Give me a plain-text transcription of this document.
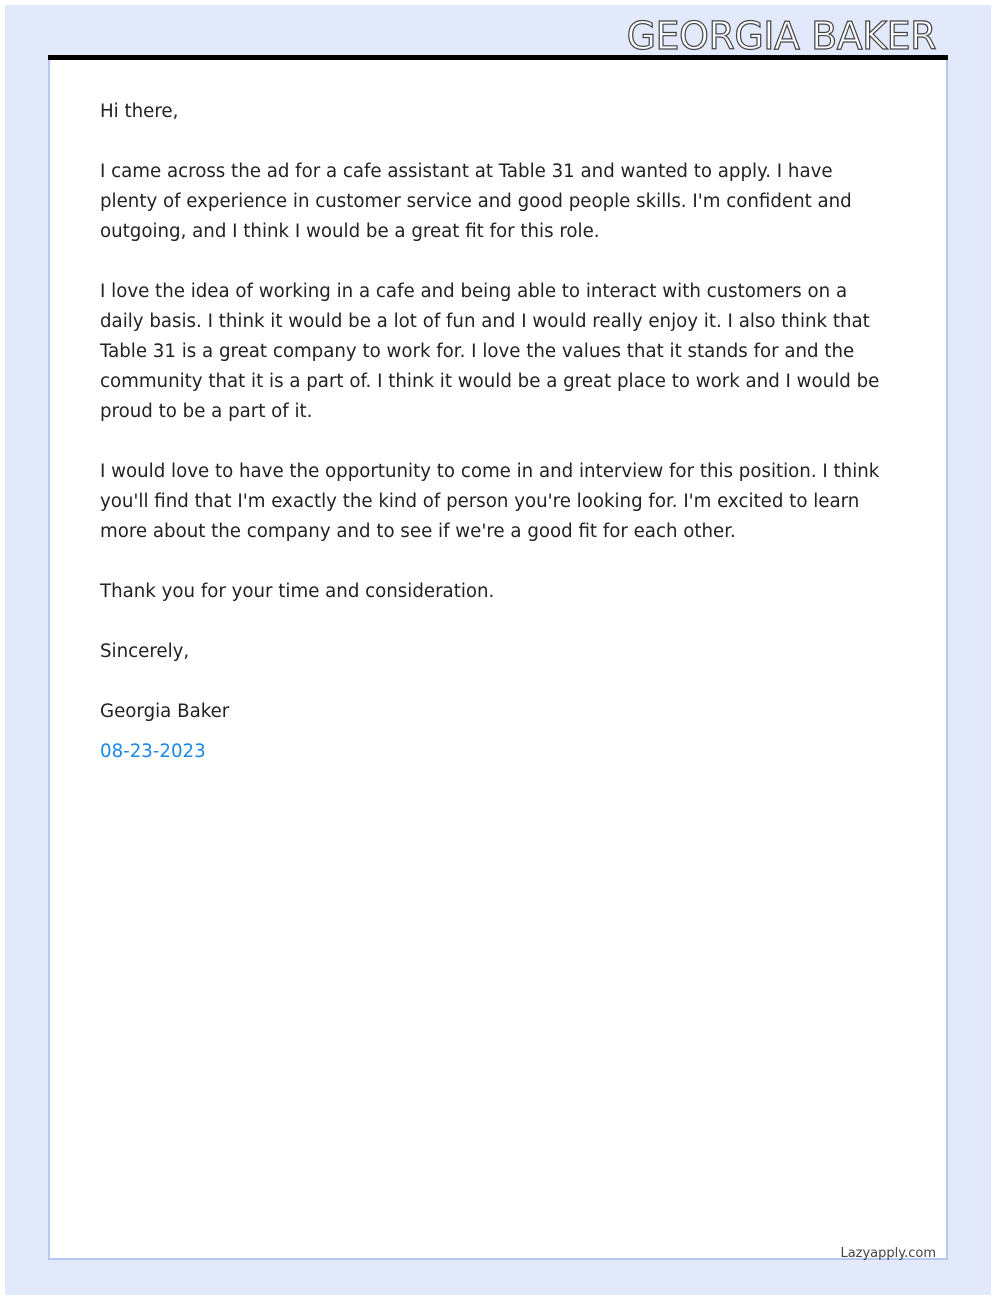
GEORGIA BAKER

Hi there,

I came across the ad for a cafe assistant at Table 31 and wanted to apply. I have plenty of experience in customer service and good people skills. I'm confident and outgoing, and I think I would be a great fit for this role.

I love the idea of working in a cafe and being able to interact with customers on a daily basis. I think it would be a lot of fun and I would really enjoy it. I also think that Table 31 is a great company to work for. I love the values that it stands for and the community that it is a part of. I think it would be a great place to work and I would be proud to be a part of it.

I would love to have the opportunity to come in and interview for this position. I think you'll find that I'm exactly the kind of person you're looking for. I'm excited to learn more about the company and to see if we're a good fit for each other.

Thank you for your time and consideration.

Sincerely,

Georgia Baker

08-23-2023
Lazyapply.com
